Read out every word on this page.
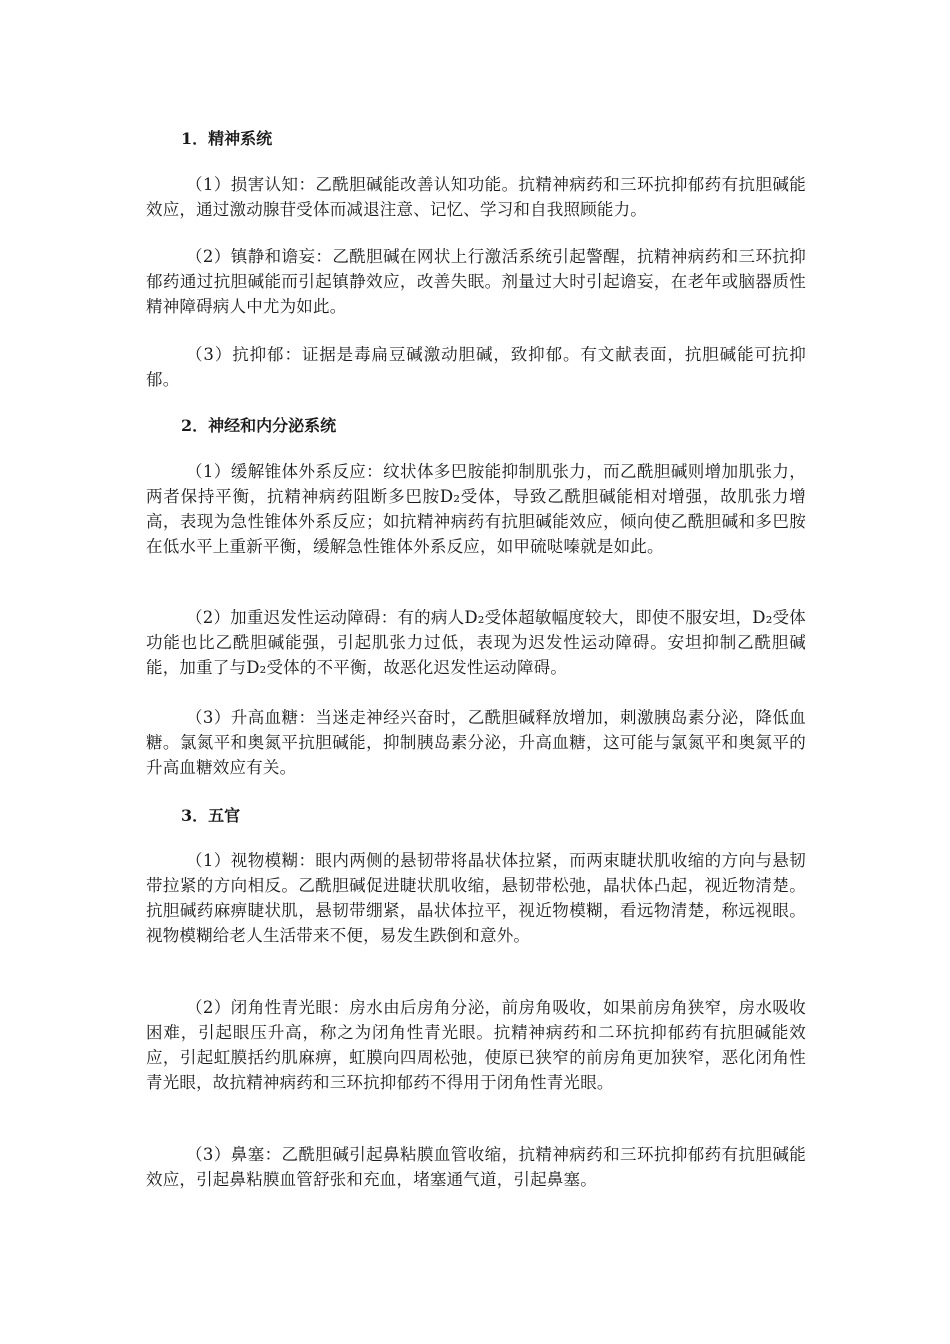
1．精神系统

（1）损害认知：乙酰胆碱能改善认知功能。抗精神病药和三环抗抑郁药有抗胆碱能效应，通过激动腺苷受体而减退注意、记忆、学习和自我照顾能力。

（2）镇静和谵妄：乙酰胆碱在网状上行激活系统引起警醒，抗精神病药和三环抗抑郁药通过抗胆碱能而引起镇静效应，改善失眠。剂量过大时引起谵妄，在老年或脑器质性精神障碍病人中尤为如此。

（3）抗抑郁：证据是毒扁豆碱激动胆碱，致抑郁。有文献表面，抗胆碱能可抗抑郁。

2．神经和内分泌系统

（1）缓解锥体外系反应：纹状体多巴胺能抑制肌张力，而乙酰胆碱则增加肌张力，两者保持平衡，抗精神病药阻断多巴胺D₂受体，导致乙酰胆碱能相对增强，故肌张力增高，表现为急性锥体外系反应；如抗精神病药有抗胆碱能效应，倾向使乙酰胆碱和多巴胺在低水平上重新平衡，缓解急性锥体外系反应，如甲硫哒嗪就是如此。

（2）加重迟发性运动障碍：有的病人D₂受体超敏幅度较大，即使不服安坦，D₂受体功能也比乙酰胆碱能强，引起肌张力过低，表现为迟发性运动障碍。安坦抑制乙酰胆碱能，加重了与D₂受体的不平衡，故恶化迟发性运动障碍。

（3）升高血糖：当迷走神经兴奋时，乙酰胆碱释放增加，刺激胰岛素分泌，降低血糖。氯氮平和奥氮平抗胆碱能，抑制胰岛素分泌，升高血糖，这可能与氯氮平和奥氮平的升高血糖效应有关。

3．五官

（1）视物模糊：眼内两侧的悬韧带将晶状体拉紧，而两束睫状肌收缩的方向与悬韧带拉紧的方向相反。乙酰胆碱促进睫状肌收缩，悬韧带松弛，晶状体凸起，视近物清楚。抗胆碱药麻痹睫状肌，悬韧带绷紧，晶状体拉平，视近物模糊，看远物清楚，称远视眼。视物模糊给老人生活带来不便，易发生跌倒和意外。

（2）闭角性青光眼：房水由后房角分泌，前房角吸收，如果前房角狭窄，房水吸收困难，引起眼压升高，称之为闭角性青光眼。抗精神病药和二环抗抑郁药有抗胆碱能效应，引起虹膜括约肌麻痹，虹膜向四周松弛，使原已狭窄的前房角更加狭窄，恶化闭角性青光眼，故抗精神病药和三环抗抑郁药不得用于闭角性青光眼。

（3）鼻塞：乙酰胆碱引起鼻粘膜血管收缩，抗精神病药和三环抗抑郁药有抗胆碱能效应，引起鼻粘膜血管舒张和充血，堵塞通气道，引起鼻塞。
